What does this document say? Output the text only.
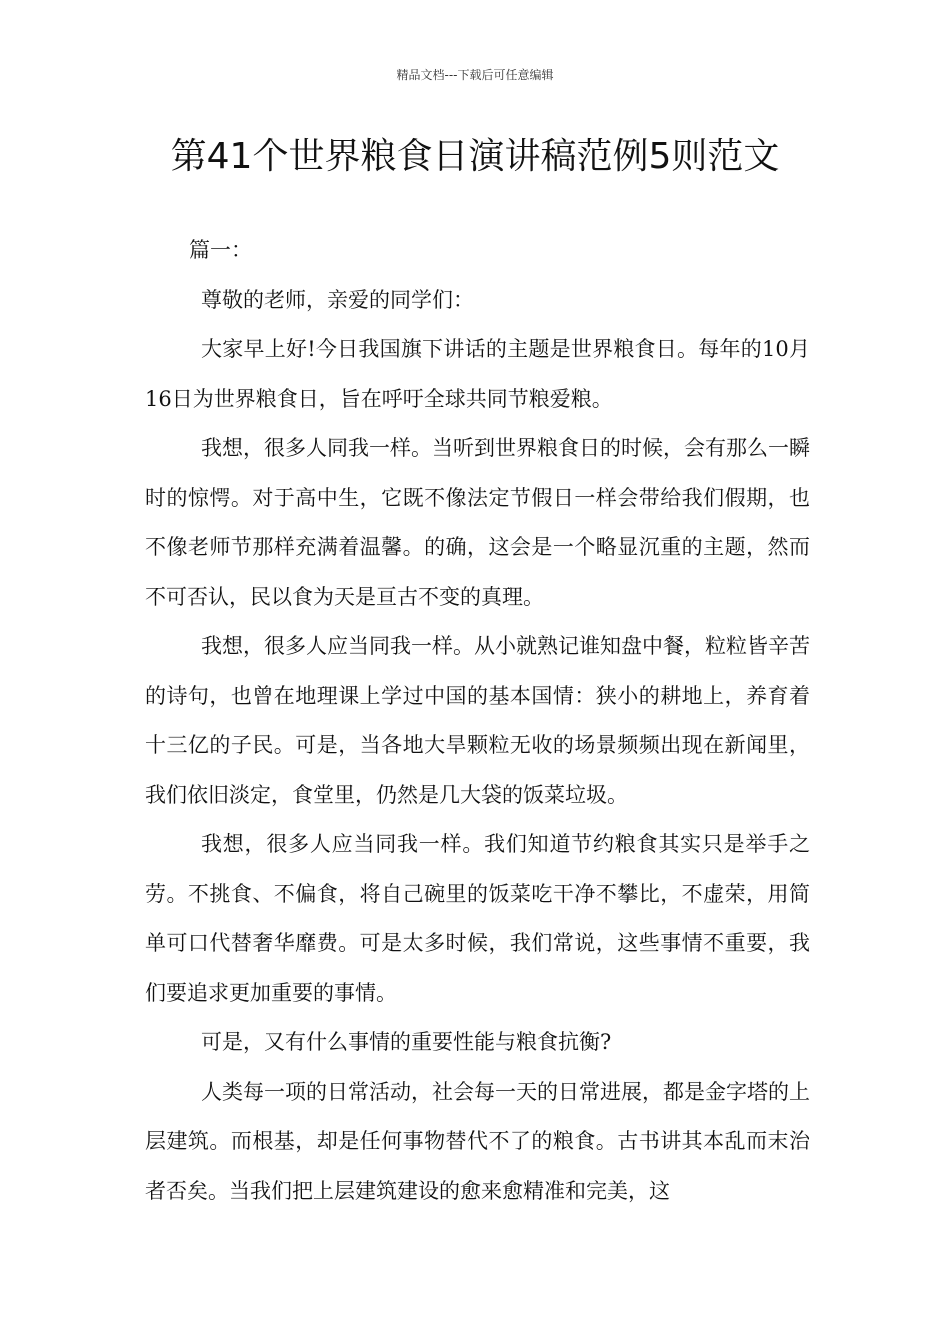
精品文档---下载后可任意编辑
第41个世界粮食日演讲稿范例5则范文

篇一：

尊敬的老师，亲爱的同学们：

大家早上好!今日我国旗下讲话的主题是世界粮食日。每年的10月16日为世界粮食日，旨在呼吁全球共同节粮爱粮。

我想，很多人同我一样。当听到世界粮食日的时候，会有那么一瞬时的惊愕。对于高中生，它既不像法定节假日一样会带给我们假期，也不像老师节那样充满着温馨。的确，这会是一个略显沉重的主题，然而不可否认，民以食为天是亘古不变的真理。

我想，很多人应当同我一样。从小就熟记谁知盘中餐，粒粒皆辛苦的诗句，也曾在地理课上学过中国的基本国情：狭小的耕地上，养育着十三亿的子民。可是，当各地大旱颗粒无收的场景频频出现在新闻里，我们依旧淡定，食堂里，仍然是几大袋的饭菜垃圾。

我想，很多人应当同我一样。我们知道节约粮食其实只是举手之劳。不挑食、不偏食，将自己碗里的饭菜吃干净不攀比，不虚荣，用简单可口代替奢华靡费。可是太多时候，我们常说，这些事情不重要，我们要追求更加重要的事情。

可是，又有什么事情的重要性能与粮食抗衡?

人类每一项的日常活动，社会每一天的日常进展，都是金字塔的上层建筑。而根基，却是任何事物替代不了的粮食。古书讲其本乱而末治者否矣。当我们把上层建筑建设的愈来愈精准和完美，这
